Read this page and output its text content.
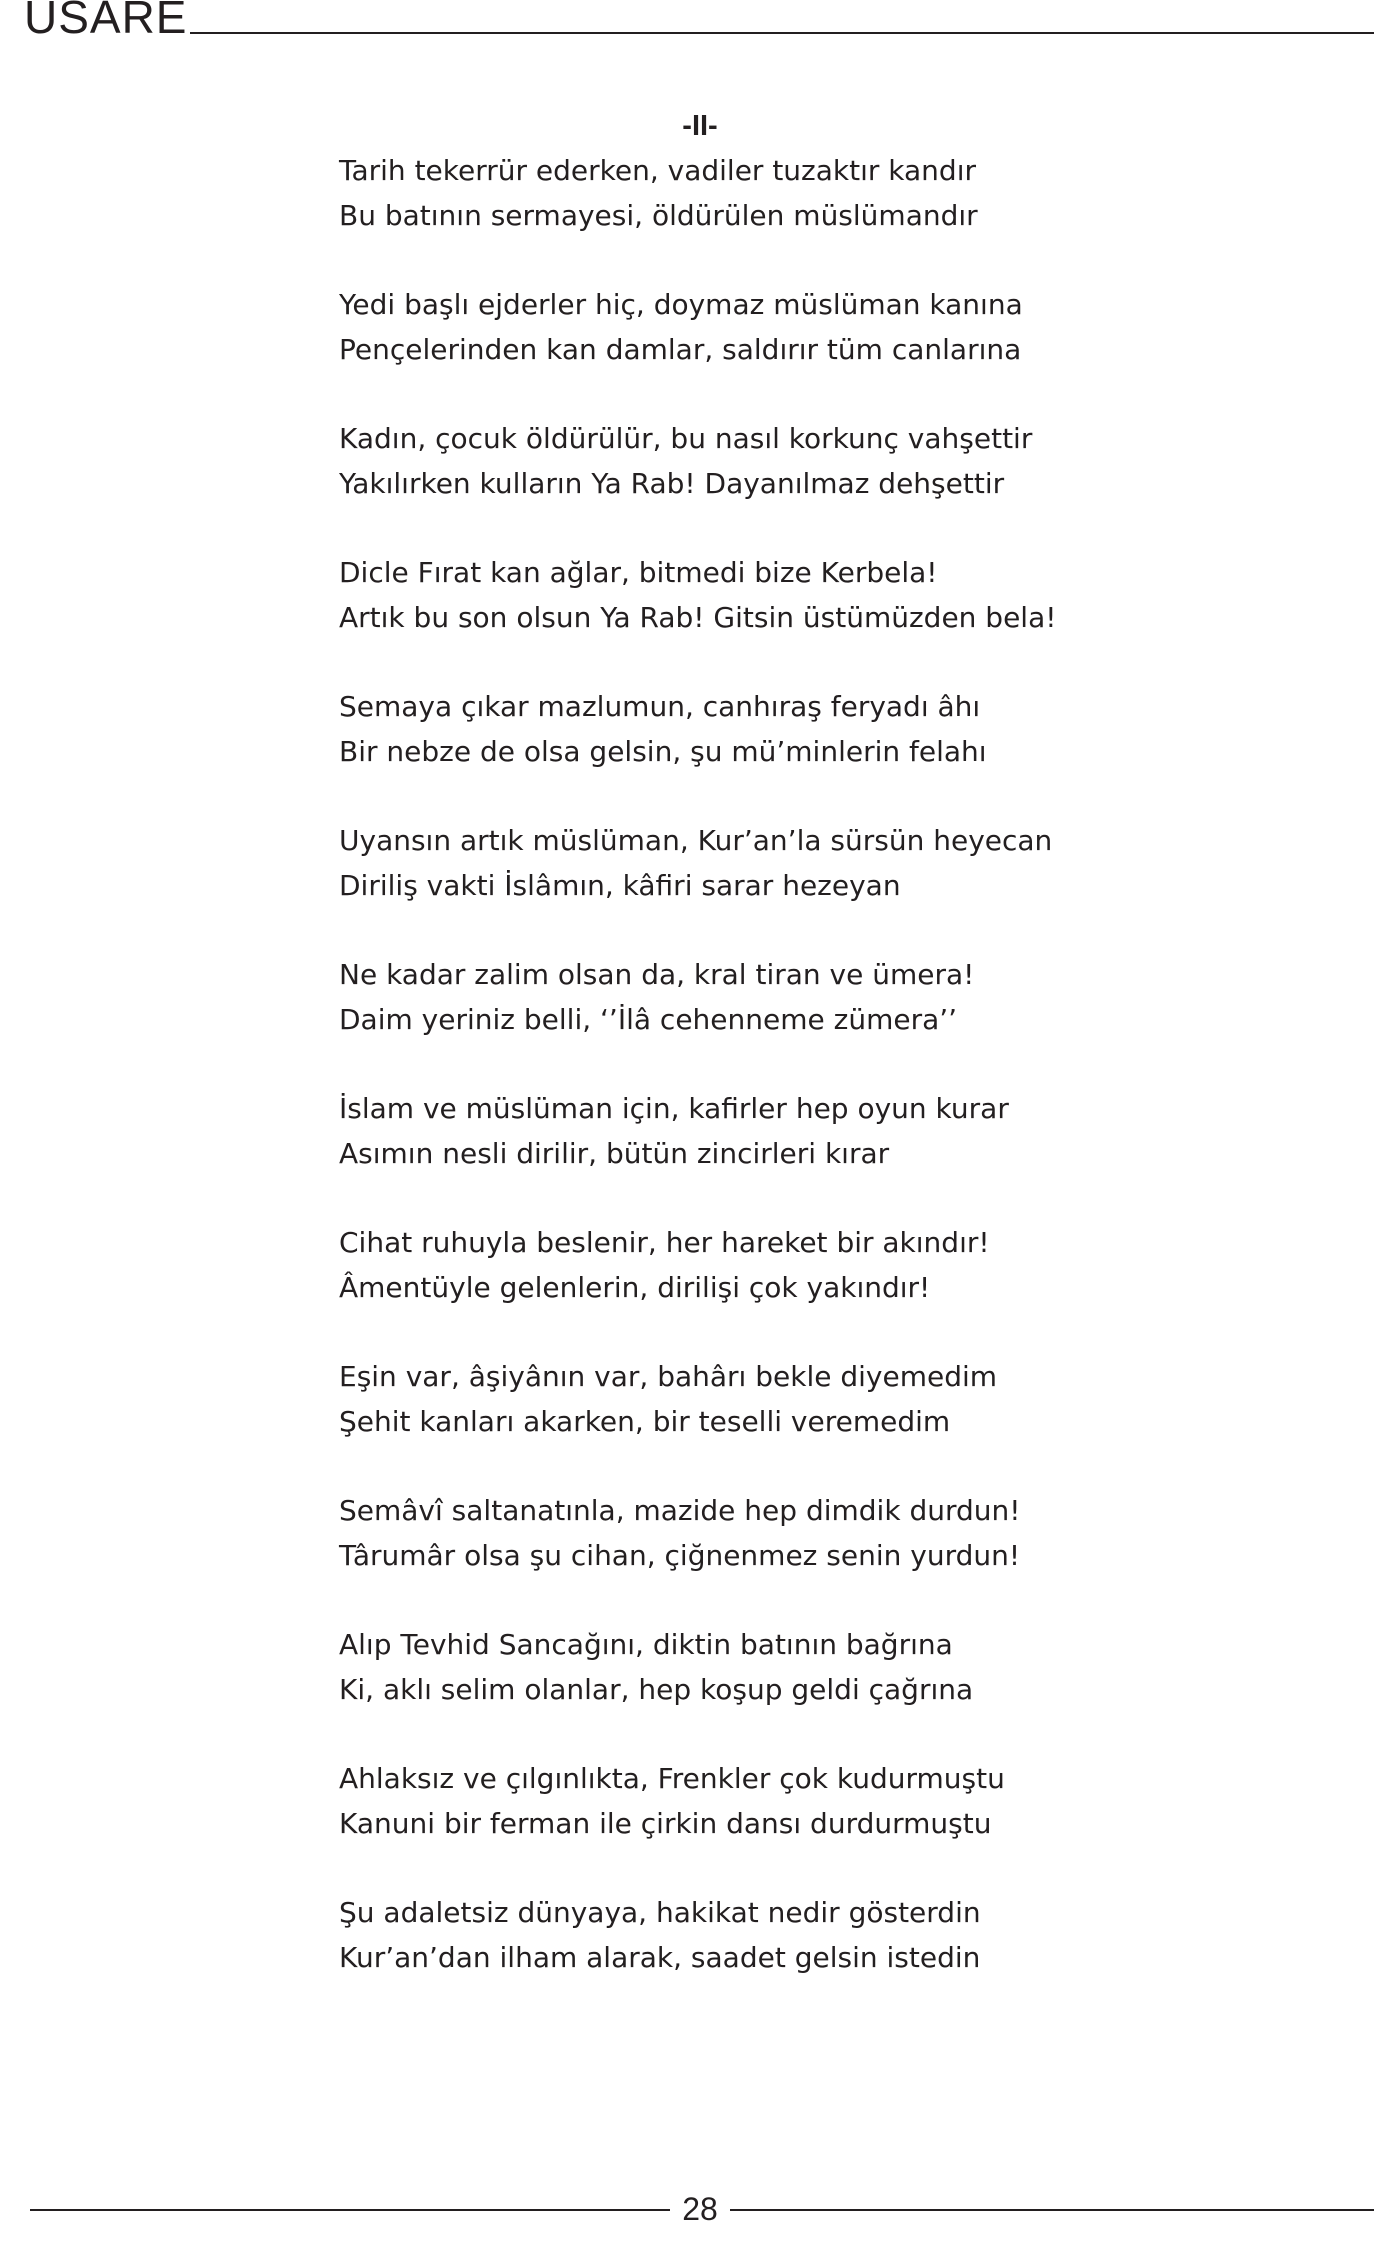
USARE
-II-
Tarih tekerrür ederken, vadiler tuzaktır kandır
Bu batının sermayesi, öldürülen müslümandır
Yedi başlı ejderler hiç, doymaz müslüman kanına
Pençelerinden kan damlar, saldırır tüm canlarına
Kadın, çocuk öldürülür, bu nasıl korkunç vahşettir
Yakılırken kulların Ya Rab! Dayanılmaz dehşettir
Dicle Fırat kan ağlar, bitmedi bize Kerbela!
Artık bu son olsun Ya Rab! Gitsin üstümüzden bela!
Semaya çıkar mazlumun, canhıraş feryadı âhı
Bir nebze de olsa gelsin, şu mü’minlerin felahı
Uyansın artık müslüman, Kur’an’la sürsün heyecan
Diriliş vakti İslâmın, kâfiri sarar hezeyan
Ne kadar zalim olsan da, kral tiran ve ümera!
Daim yeriniz belli, ‘’İlâ cehenneme zümera’’
İslam ve müslüman için, kafirler hep oyun kurar
Asımın nesli dirilir, bütün zincirleri kırar
Cihat ruhuyla beslenir, her hareket bir akındır!
Âmentüyle gelenlerin, dirilişi çok yakındır!
Eşin var, âşiyânın var, bahârı bekle diyemedim
Şehit kanları akarken, bir teselli veremedim
Semâvî saltanatınla, mazide hep dimdik durdun!
Târumâr olsa şu cihan, çiğnenmez senin yurdun!
Alıp Tevhid Sancağını, diktin batının bağrına
Ki, aklı selim olanlar, hep koşup geldi çağrına
Ahlaksız ve çılgınlıkta, Frenkler çok kudurmuştu
Kanuni bir ferman ile çirkin dansı durdurmuştu
Şu adaletsiz dünyaya, hakikat nedir gösterdin
Kur’an’dan ilham alarak, saadet gelsin istedin
28
